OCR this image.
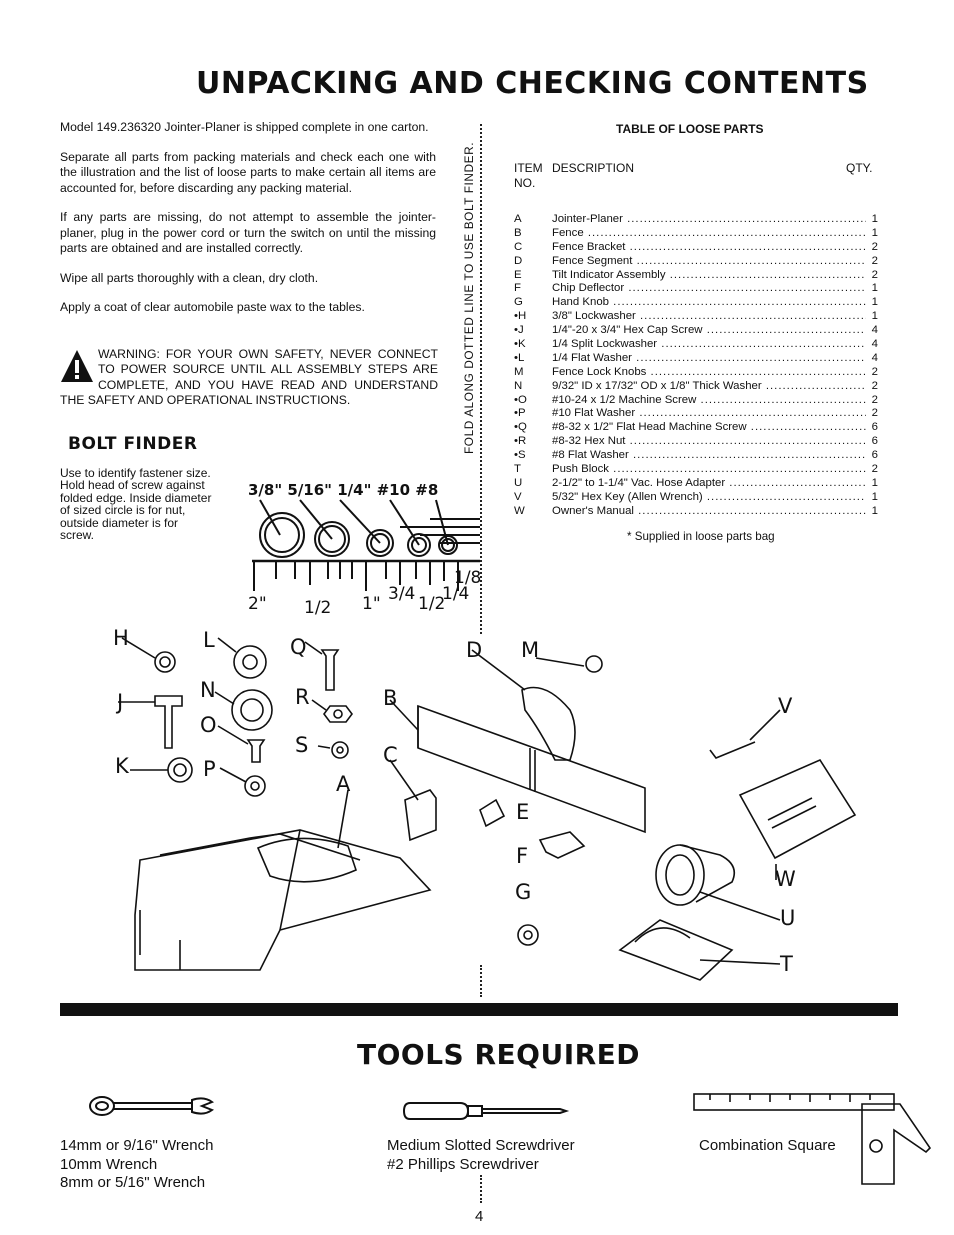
UNPACKING AND CHECKING CONTENTS

Model 149.236320 Jointer-Planer is shipped complete in one carton.

Separate all parts from packing materials and check each one with the illustration and the list of loose parts to make certain all items are accounted for, before discarding any packing material.

If any parts are missing, do not attempt to assemble the jointer-planer, plug in the power cord or turn the switch on until the missing parts are obtained and are installed correctly.

Wipe all parts thoroughly with a clean, dry cloth.

Apply a coat of clear automobile paste wax to the tables.

WARNING: FOR YOUR OWN SAFETY, NEVER CONNECT TO POWER SOURCE UNTIL ALL ASSEMBLY STEPS ARE COMPLETE, AND YOU HAVE READ AND UNDERSTAND THE SAFETY AND OPERATIONAL INSTRUCTIONS.
BOLT FINDER
Use to identify fastener size. Hold head of screw against folded edge. Inside diameter of sized circle is for nut, outside diameter is for screw.
3/8" 5/16" 1/4" #10 #8
2" 1/2 1" 3/4 1/2
1/4
1/8
FOLD ALONG DOTTED LINE TO USE BOLT FINDER.
TABLE OF LOOSE PARTS
ITEM
NO.
DESCRIPTION	QTY.
A	Jointer-Planer .....	1
B	Fence .....	1
C	Fence Bracket .....	2
D	Fence Segment .....	2
E	Tilt Indicator Assembly .....	2
F	Chip Deflector .....	1
G	Hand Knob .....	1
•H	3/8" Lockwasher .....	1
•J	1/4"-20 x 3/4" Hex Cap Screw .....	4
•K	1/4 Split Lockwasher .....	4
•L	1/4 Flat Washer .....	4
M	Fence Lock Knobs .....	2
N	9/32" ID x 17/32" OD x 1/8" Thick Washer .....	2
•O	#10-24 x 1/2 Machine Screw .....	2
•P	#10 Flat Washer .....	2
•Q	#8-32 x 1/2" Flat Head Machine Screw .....	6
•R	#8-32 Hex Nut .....	6
•S	#8 Flat Washer .....	6
T	Push Block .....	2
U	2-1/2" to 1-1/4" Vac. Hose Adapter .....	1
V	5/32" Hex Key (Allen Wrench) .....	1
W	Owner's Manual .....	1
* Supplied in loose parts bag
H	L	Q	D M
N	R	B
J
O
S	C
V
K	P
A
E
F
W
G
U
T
TOOLS REQUIRED
14mm or 9/16" Wrench
10mm Wrench
8mm or 5/16" Wrench
Medium Slotted Screwdriver
#2 Phillips Screwdriver
Combination Square
4
